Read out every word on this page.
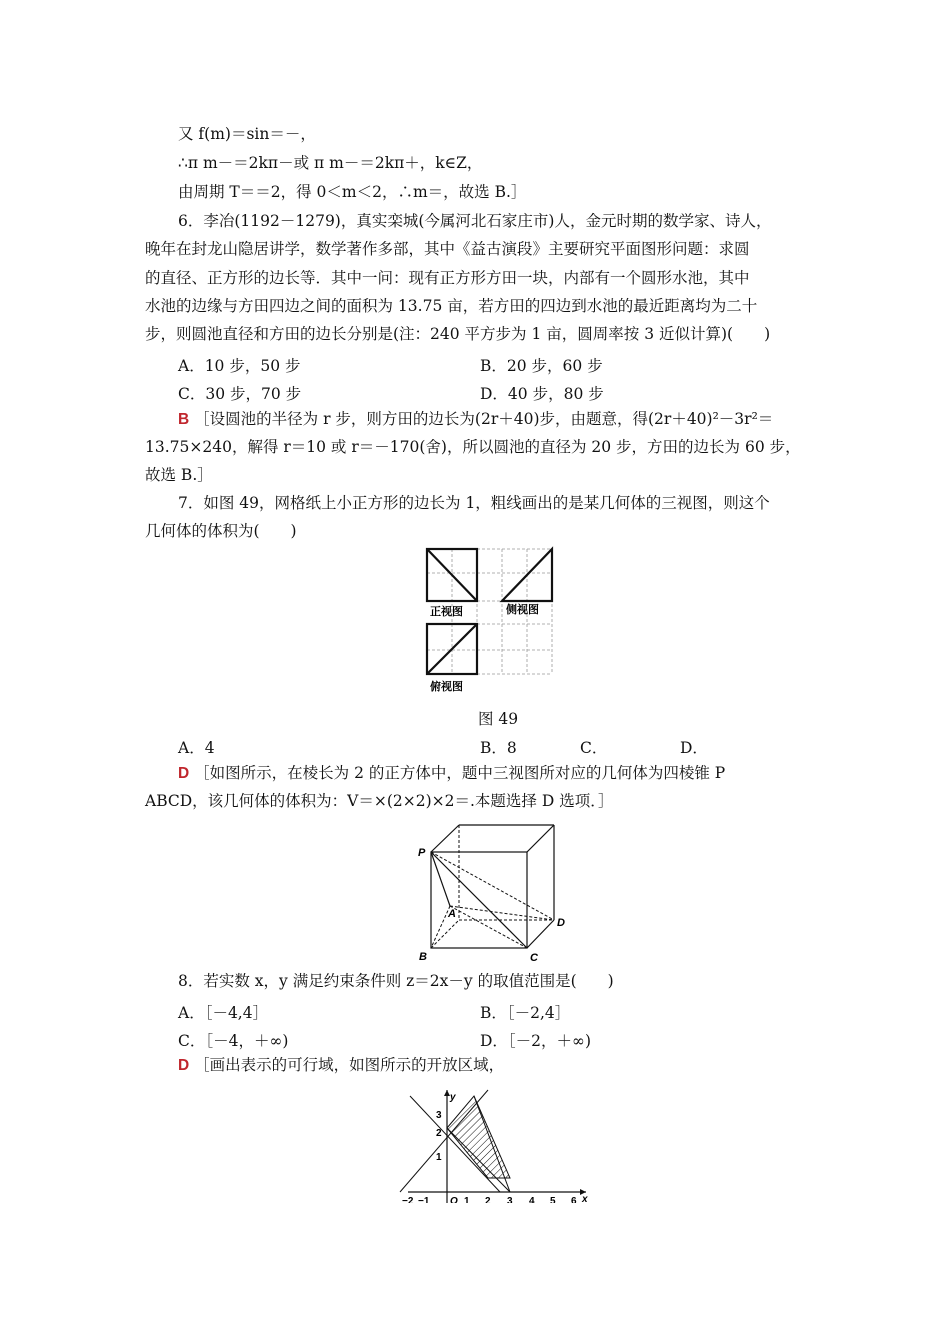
又 f(m)＝sin＝－，
∴π m－＝2kπ－或 π m－＝2kπ＋，k∈Z，
由周期 T＝＝2，得 0＜m＜2，∴m＝，故选 B.］
6．李冶(1192－1279)，真实栾城(今属河北石家庄市)人，金元时期的数学家、诗人，
晚年在封龙山隐居讲学，数学著作多部，其中《益古演段》主要研究平面图形问题：求圆
的直径、正方形的边长等．其中一问：现有正方形方田一块，内部有一个圆形水池，其中
水池的边缘与方田四边之间的面积为 13.75 亩，若方田的四边到水池的最近距离均为二十
步，则圆池直径和方田的边长分别是(注：240 平方步为 1 亩，圆周率按 3 近似计算)(　　)
A．10 步，50 步	B．20 步，60 步
C．30 步，70 步	D．40 步，80 步
B ［设圆池的半径为 r 步，则方田的边长为(2r＋40)步，由题意，得(2r＋40)²－3r²＝
13.75×240，解得 r＝10 或 r＝－170(舍)，所以圆池的直径为 20 步，方田的边长为 60 步，
故选 B.］
7．如图 49，网格纸上小正方形的边长为 1，粗线画出的是某几何体的三视图，则这个
几何体的体积为(　　)
正视图	侧视图
俯视图
图 49
A．4	B．8	C．	D．
D ［如图所示，在棱长为 2 的正方体中，题中三视图所对应的几何体为四棱锥 P
ABCD，该几何体的体积为：V＝×(2×2)×2＝.本题选择 D 选项．］
P
A
B	C
D
8．若实数 x，y 满足约束条件则 z＝2x－y 的取值范围是(　　)
A．［－4,4］	B．［－2,4］
C．［－4，＋∞)	D．［－2，＋∞)
D ［画出表示的可行域，如图所示的开放区域，
x
y
−2 −1 O 1 2 3 4 5 6
1
2
3
